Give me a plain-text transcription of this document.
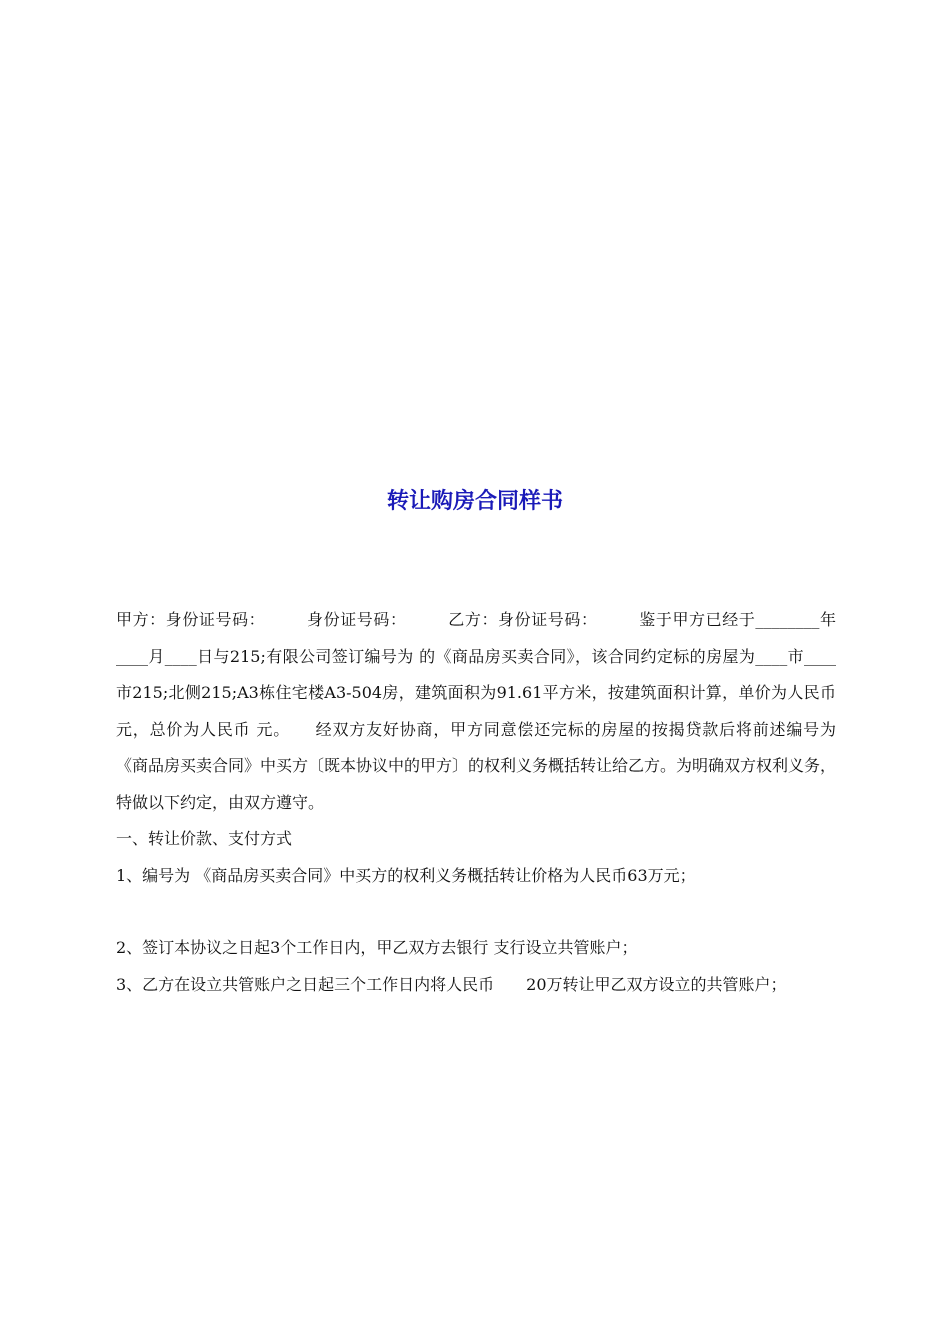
转让购房合同样书

甲方：身份证号码：　　　身份证号码：　　　乙方：身份证号码：　　　鉴于甲方已经于________年____月____日与215;有限公司签订编号为 的《商品房买卖合同》，该合同约定标的房屋为____市____市215;北侧215;A3栋住宅楼A3-504房，建筑面积为91.61平方米，按建筑面积计算，单价为人民币元，总价为人民币 元。　　经双方友好协商，甲方同意偿还完标的房屋的按揭贷款后将前述编号为 《商品房买卖合同》中买方〔既本协议中的甲方〕的权利义务概括转让给乙方。为明确双方权利义务，特做以下约定，由双方遵守。

一、转让价款、支付方式

1、编号为 《商品房买卖合同》中买方的权利义务概括转让价格为人民币63万元；

2、签订本协议之日起3个工作日内，甲乙双方去银行 支行设立共管账户；

3、乙方在设立共管账户之日起三个工作日内将人民币　　20万转让甲乙双方设立的共管账户；
